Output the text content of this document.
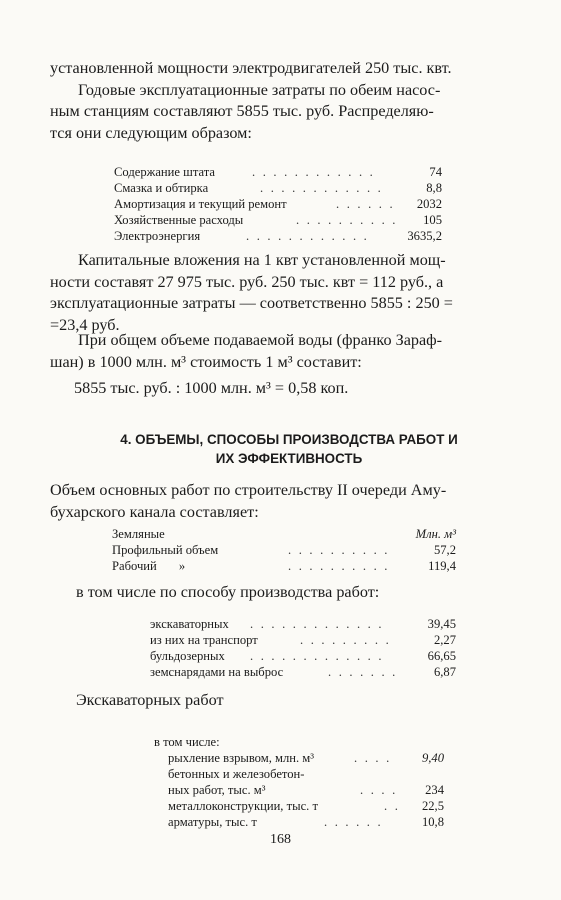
установленной мощности электродвигателей 250 тыс. квт.
Годовые эксплуатационные затраты по обеим насос-
ным станциям составляют 5855 тыс. руб. Распределяю-
тся они следующим образом:
Содержание штата	. . . . . . . . . . . .	74
Смазка и обтирка	. . . . . . . . . . . .	8,8
Амортизация и текущий ремонт	. . . . . . 2032
Хозяйственные расходы	. . . . . . . . . . 105
Электроэнергия	. . . . . . . . . . . .	3635,2
Капитальные вложения на 1 квт установленной мощ-
ности составят 27 975 тыс. руб. 250 тыс. квт = 112 руб., а
эксплуатационные затраты — соответственно 5855 : 250 =
=23,4 руб.
При общем объеме подаваемой воды (франко Зараф-
шан) в 1000 млн. м³ стоимость 1 м³ составит:
5855 тыс. руб. : 1000 млн. м³ = 0,58 коп.
4. ОБЪЕМЫ, СПОСОБЫ ПРОИЗВОДСТВА РАБОТ И
ИХ ЭФФЕКТИВНОСТЬ
Объем основных работ по строительству II очереди Аму-
бухарского канала составляет:
Земляные	Млн. м³
Профильный объем	. . . . . . . . . .	57,2
Рабочий       »	. . . . . . . . . .	119,4
в том числе по способу производства работ:
экскаваторных . . . . . . . . . . . . .	39,45
из них на транспорт	. . . . . . . . .	2,27
бульдозерных . . . . . . . . . . . . .	66,65
земснарядами на выброс	. . . . . . .	6,87
Экскаваторных работ
в том числе:
рыхление взрывом, млн. м³	. . . . 9,40
бетонных и железобетон-
ных работ, тыс. м³	. . . . 234
металлоконструкции, тыс. т	. . 22,5
арматуры, тыс. т	. . . . . .	10,8
168
